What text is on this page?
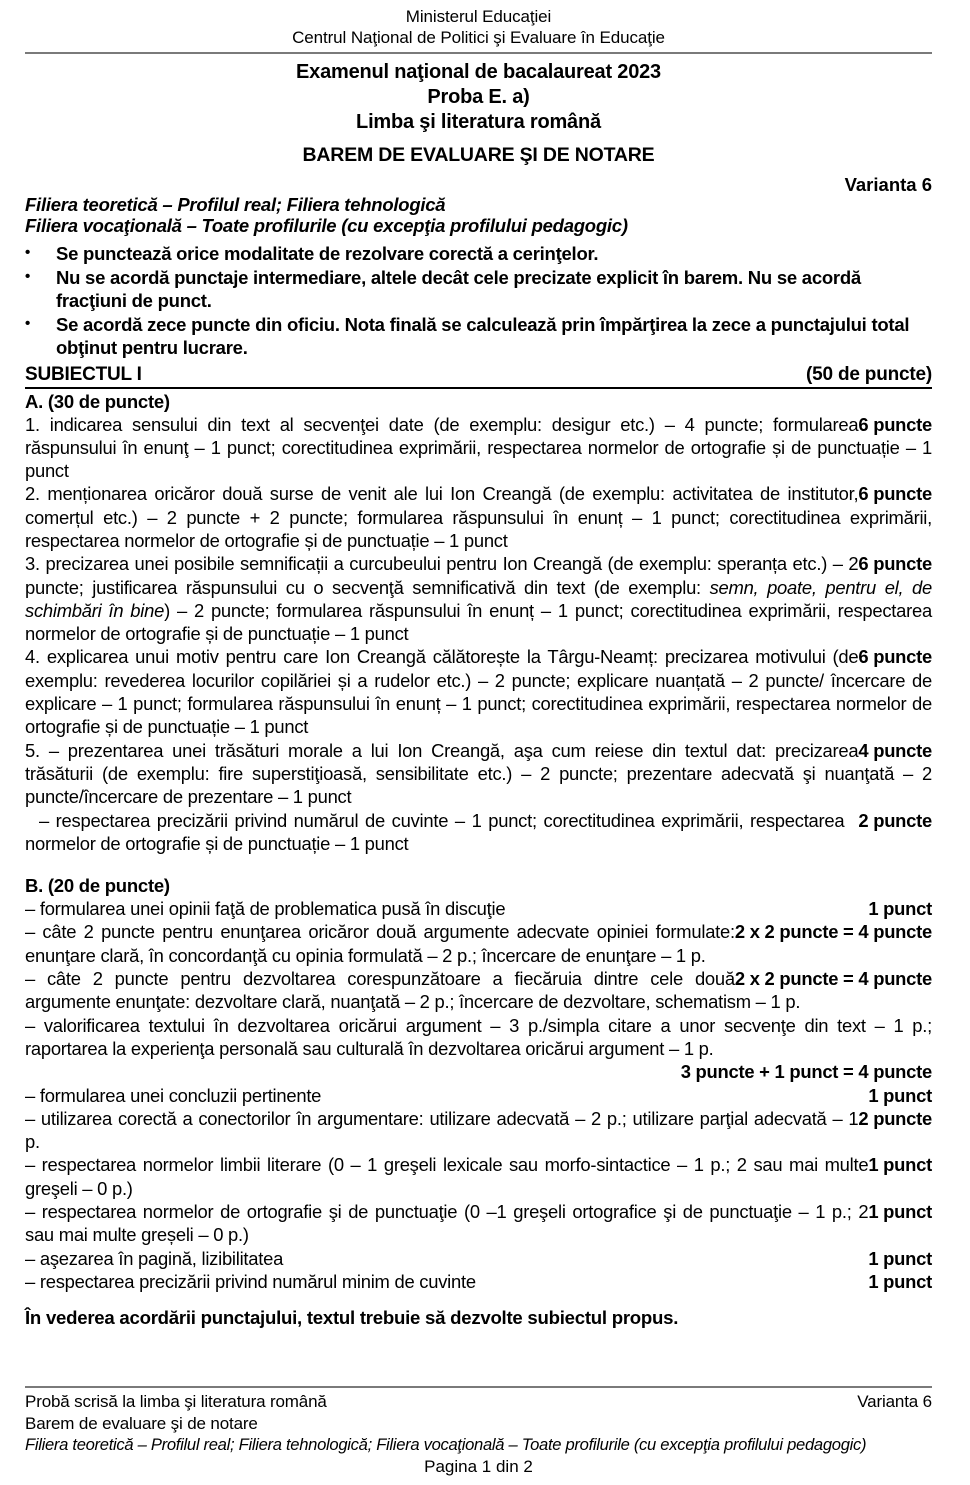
Ministerul Educaţiei
Centrul Naţional de Politici şi Evaluare în Educaţie
Examenul naţional de bacalaureat 2023
Proba E. a)
Limba şi literatura română
BAREM DE EVALUARE ŞI DE NOTARE
Varianta 6
Filiera teoretică – Profilul real; Filiera tehnologică
Filiera vocaţională – Toate profilurile (cu excepţia profilului pedagogic)
• Se punctează orice modalitate de rezolvare corectă a cerinţelor.
• Nu se acordă punctaje intermediare, altele decât cele precizate explicit în barem. Nu se acordă fracţiuni de punct.
• Se acordă zece puncte din oficiu. Nota finală se calculează prin împărţirea la zece a punctajului total obţinut pentru lucrare.
SUBIECTUL I	(50 de puncte)
A. (30 de puncte)

6 puncte
1. indicarea sensului din text al secvenţei date (de exemplu: desigur etc.) – 4 puncte; formularea răspunsului în enunţ – 1 punct; corectitudinea exprimării, respectarea normelor de ortografie și de punctuație – 1 punct

6 puncte
2. menționarea oricăror două surse de venit ale lui Ion Creangă (de exemplu: activitatea de institutor, comerțul etc.) – 2 puncte + 2 puncte; formularea răspunsului în enunț – 1 punct; corectitudinea exprimării, respectarea normelor de ortografie și de punctuație – 1 punct

6 puncte
3. precizarea unei posibile semnificații a curcubeului pentru Ion Creangă (de exemplu: speranța etc.) – 2 puncte; justificarea răspunsului cu o secvenţă semnificativă din text (de exemplu: semn, poate, pentru el, de schimbări în bine) – 2 puncte; formularea răspunsului în enunț – 1 punct; corectitudinea exprimării, respectarea normelor de ortografie și de punctuație – 1 punct

6 puncte
4. explicarea unui motiv pentru care Ion Creangă călătorește la Târgu-Neamț: precizarea motivului (de exemplu: revederea locurilor copilăriei și a rudelor etc.) – 2 puncte; explicare nuanțată – 2 puncte/ încercare de explicare – 1 punct; formularea răspunsului în enunț – 1 punct; corectitudinea exprimării, respectarea normelor de ortografie și de punctuație – 1 punct

4 puncte
5. – prezentarea unei trăsături morale a lui Ion Creangă, aşa cum reiese din textul dat: precizarea trăsăturii (de exemplu: fire superstiţioasă, sensibilitate etc.) – 2 puncte; prezentare adecvată şi nuanţată – 2 puncte/încercare de prezentare – 1 punct

2 puncte
– respectarea precizării privind numărul de cuvinte – 1 punct; corectitudinea exprimării, respectarea normelor de ortografie și de punctuație – 1 punct

B. (20 de puncte)

1 punct
– formularea unei opinii faţă de problematica pusă în discuţie

2 x 2 puncte = 4 puncte
– câte 2 puncte pentru enunţarea oricăror două argumente adecvate opiniei formulate: enunţare clară, în concordanţă cu opinia formulată – 2 p.; încercare de enunţare – 1 p.

2 x 2 puncte = 4 puncte
– câte 2 puncte pentru dezvoltarea corespunzătoare a fiecăruia dintre cele două argumente enunţate: dezvoltare clară, nuanţată – 2 p.; încercare de dezvoltare, schematism – 1 p.

– valorificarea textului în dezvoltarea oricărui argument – 3 p./simpla citare a unor secvenţe din text – 1 p.; raportarea la experienţa personală sau culturală în dezvoltarea oricărui argument – 1 p.

3 puncte + 1 punct = 4 puncte

1 punct
– formularea unei concluzii pertinente

2 puncte
– utilizarea corectă a conectorilor în argumentare: utilizare adecvată – 2 p.; utilizare parţial adecvată – 1 p.

1 punct
– respectarea normelor limbii literare (0 – 1 greşeli lexicale sau morfo-sintactice – 1 p.; 2 sau mai multe greşeli – 0 p.)

1 punct
– respectarea normelor de ortografie şi de punctuaţie (0 –1 greşeli ortografice şi de punctuaţie – 1 p.; 2 sau mai multe greșeli – 0 p.)

1 punct
– aşezarea în pagină, lizibilitatea

1 punct
– respectarea precizării privind numărul minim de cuvinte

În vederea acordării punctajului, textul trebuie să dezvolte subiectul propus.
Probă scrisă la limba şi literatura română	Varianta 6
Barem de evaluare şi de notare
Filiera teoretică – Profilul real; Filiera tehnologică; Filiera vocaţională – Toate profilurile (cu excepţia profilului pedagogic)
Pagina 1 din 2
